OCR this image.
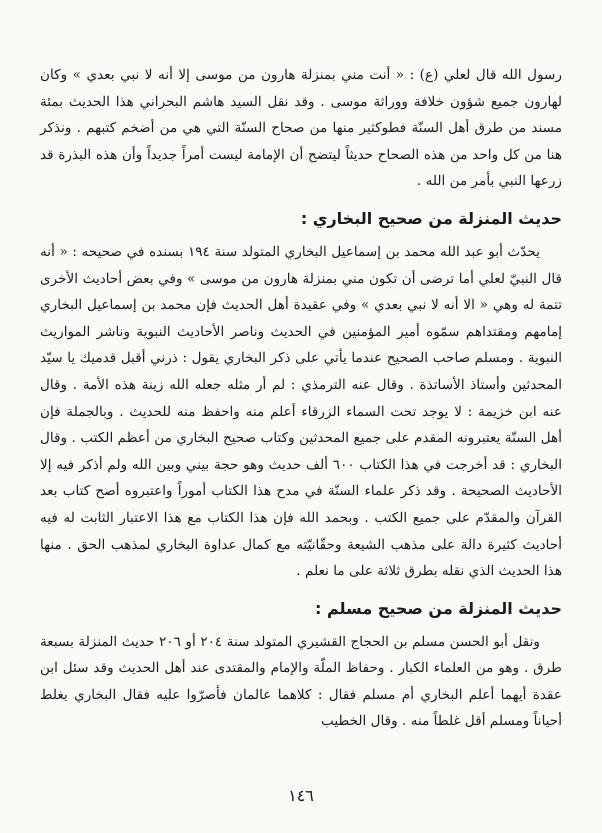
رسول الله قال لعلي (ع) : « أنت مني بمنزلة هارون من موسى إلا أنه لا نبي بعدي » وكان لهارون جميع شؤون خلافة ووراثة موسى . وقد نقل السيد هاشم البحراني هذا الحديث بمئة مسند من طرق أهل السنّة فطوكثير منها من صحاح السنّة التي هي من أضخم كتبهم . ونذكر هنا من كل واحد من هذه الصحاح حديثاً ليتضح أن الإمامة ليست أمراً جديداً وأن هذه البذرة قد زرعها النبي بأمر من الله .

حديث المنزلة من صحيح البخاري :

يحدّث أبو عبد الله محمد بن إسماعيل البخاري المتولد سنة ١٩٤ بسنده في صحيحه : « أنه قال النبيّ لعلي أما ترضى أن تكون مني بمنزلة هارون من موسى » وفي بعض أحاديث الأخرى تتمة له وهي « الا أنه لا نبي بعدي » وفي عقيدة أهل الحديث فإن محمد بن إسماعيل البخاري إمامهم ومقتداهم سمّوه أمير المؤمنين في الحديث وناصر الأحاديث النبوية وناشر المواريث النبوية . ومسلم صاحب الصحيح عندما يأتي على ذكر البخاري يقول : ذرني أقبل قدميك يا سيّد المحدثين وأستاذ الأساتذة . وقال عنه الترمذي : لم أر مثله جعله الله زينة هذه الأمة . وقال عنه ابن خزيمة : لا يوجد تحت السماء الزرقاء أعلم منه واحفظ منه للحديث . وبالجملة فإن أهل السنّة يعتبرونه المقدم على جميع المحدثين وكتاب صحيح البخاري من أعظم الكتب . وقال البخاري : قد أخرجت في هذا الكتاب ٦٠٠ ألف حديث وهو حجة بيني وبين الله ولم أذكر فيه إلا الأحاديث الصحيحة . وقد ذكر علماء السنّة في مدح هذا الكتاب أموراً واعتبروه أصح كتاب بعد القرآن والمقدّم على جميع الكتب . وبحمد الله فإن هذا الكتاب مع هذا الاعتبار الثابت له فيه أحاديث كثيرة دالة على مذهب الشيعة وحقّانيّته مع كمال عداوة البخاري لمذهب الحق . منها هذا الحديث الذي نقله بطرق ثلاثة على ما نعلم .

حديث المنزلة من صحيح مسلم :

ونقل أبو الحسن مسلم بن الحجاج القشيري المتولد سنة ٢٠٤ أو ٢٠٦ حديث المنزلة بسبعة طرق . وهو من العلماء الكبار . وحفاظ الملّة والإمام والمقتدى عند أهل الحديث وقد سئل ابن عقدة أيهما أعلم البخاري أم مسلم فقال : كلاهما عالمان فأصرّوا عليه فقال البخاري يغلط أحياناً ومسلم أقل غلطاً منه . وقال الخطيب

١٤٦
